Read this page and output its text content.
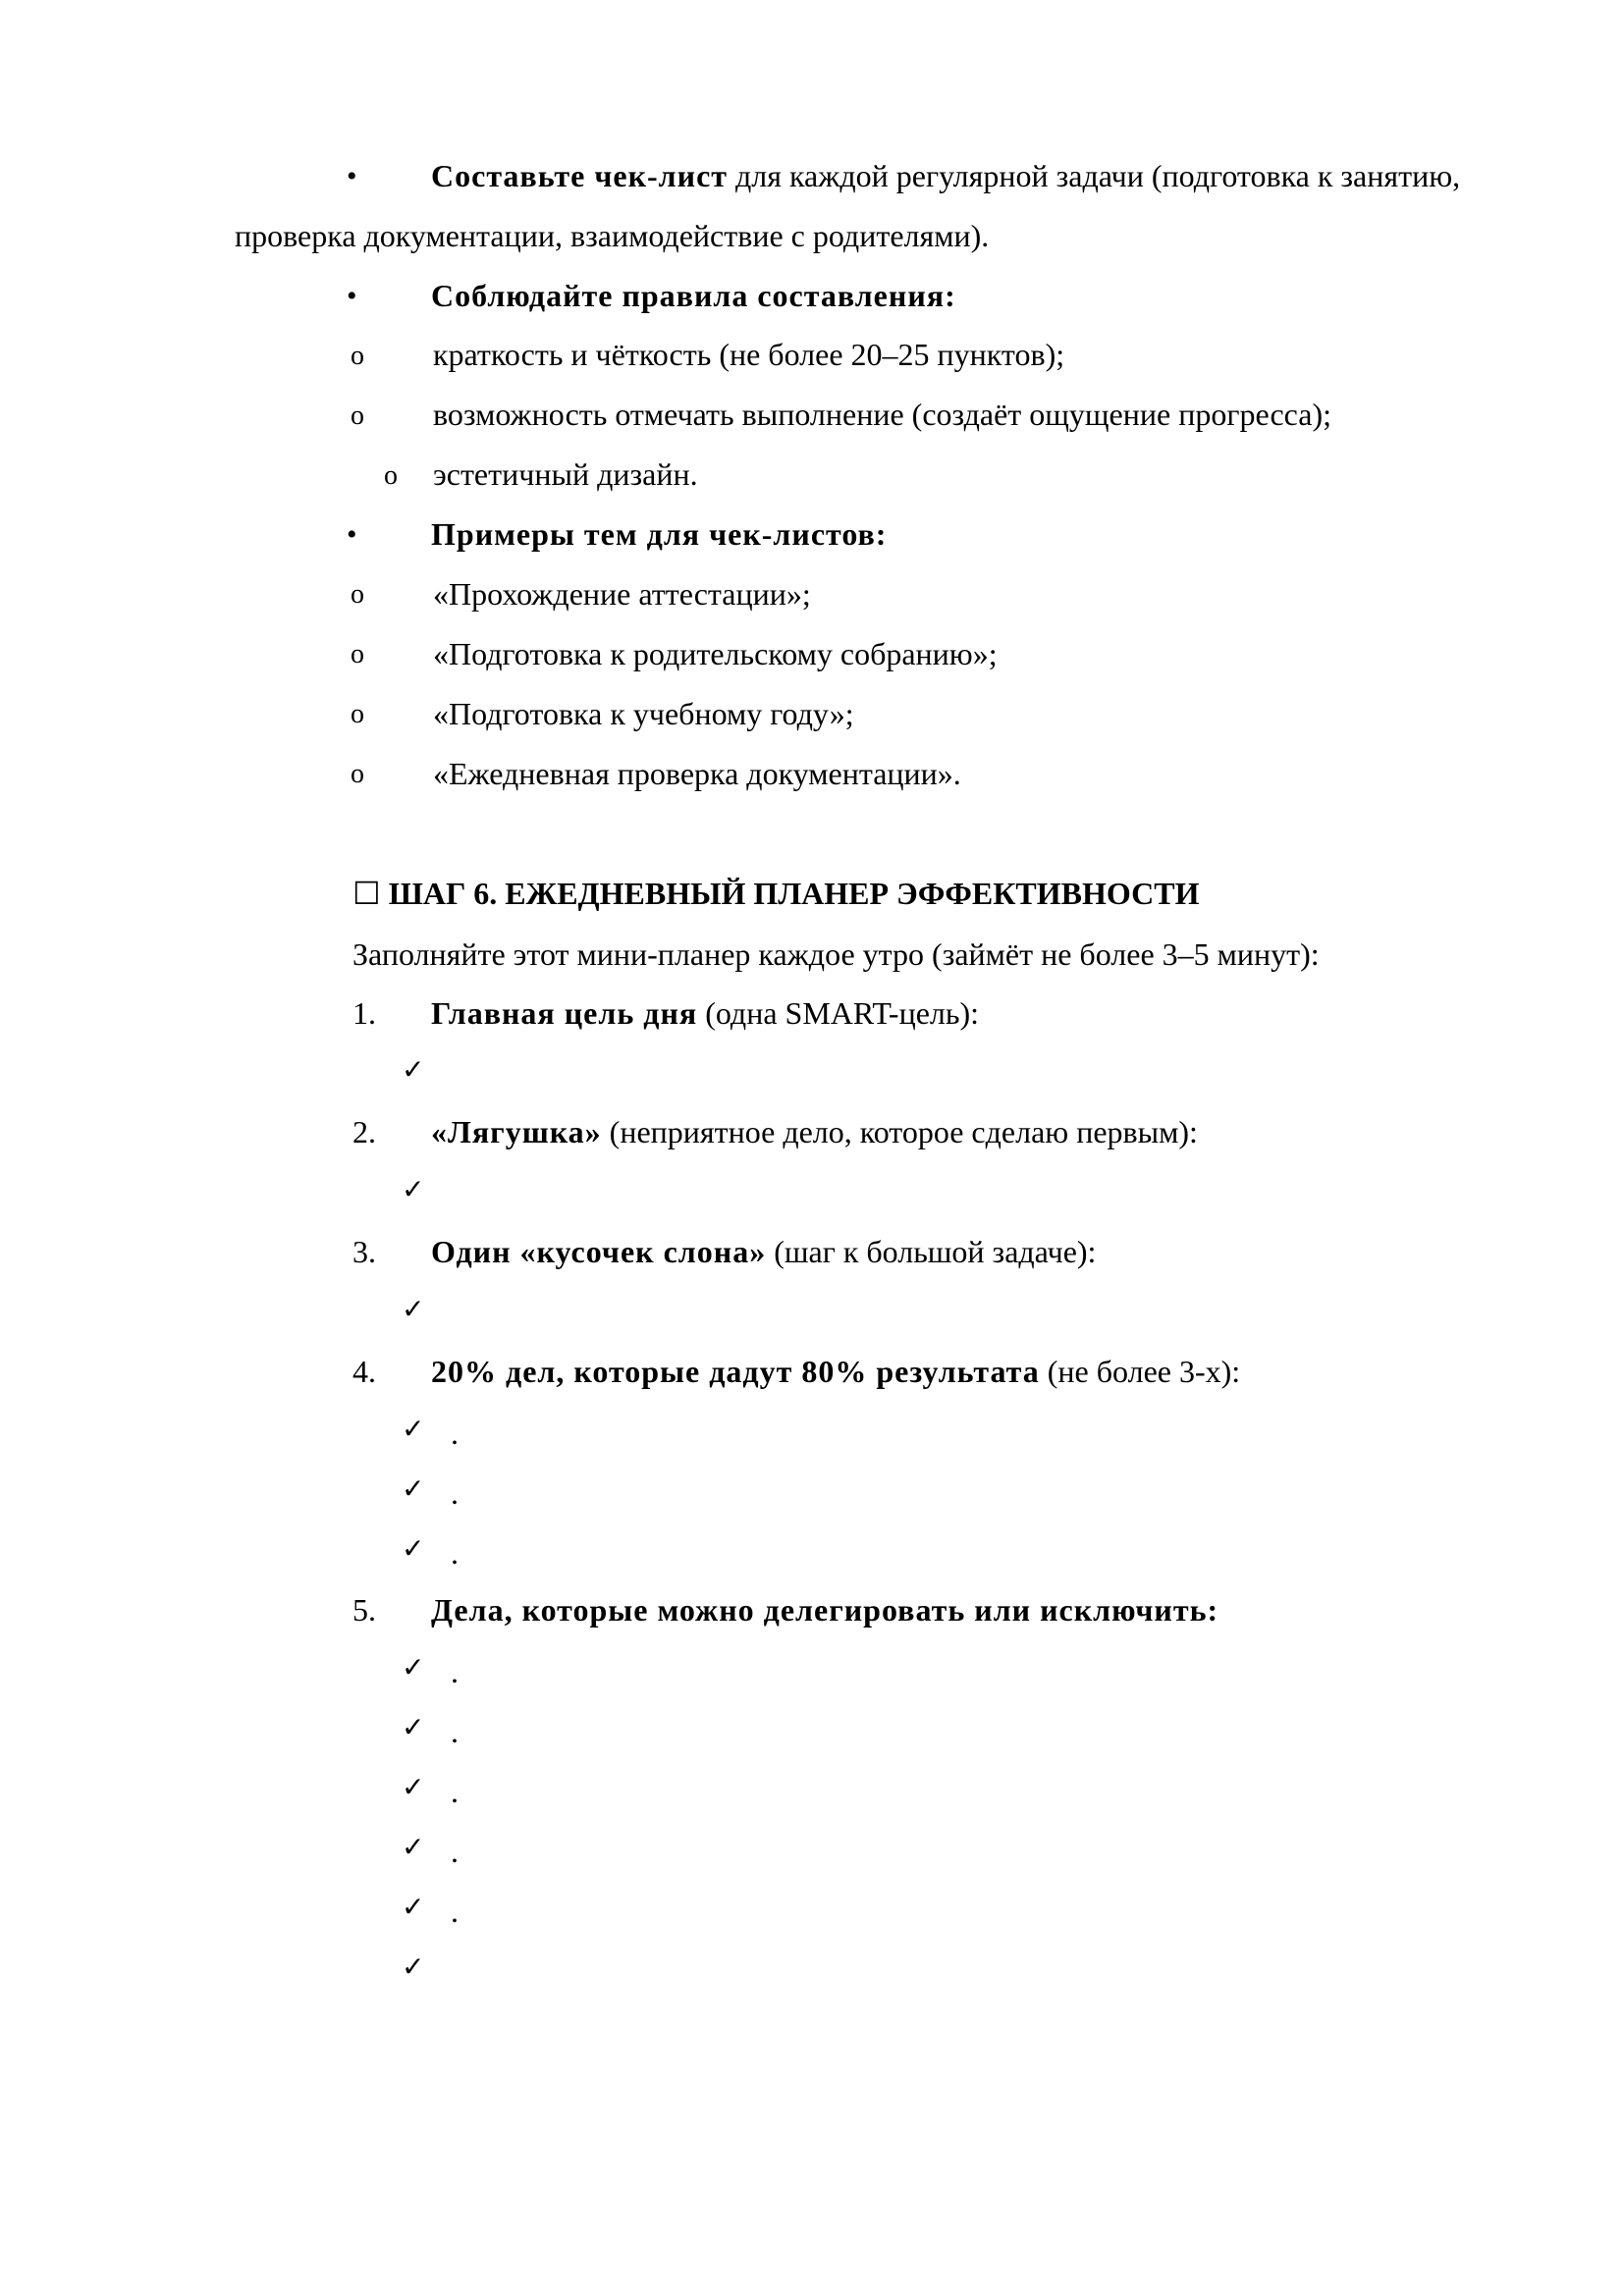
• Составьте чек-лист для каждой регулярной задачи (подготовка к занятию,
проверка документации, взаимодействие с родителями).
• Соблюдайте правила составления:
o краткость и чёткость (не более 20–25 пунктов);
o возможность отмечать выполнение (создаёт ощущение прогресса);
o эстетичный дизайн.
• Примеры тем для чек-листов:
o «Прохождение аттестации»;
o «Подготовка к родительскому собранию»;
o «Подготовка к учебному году»;
o «Ежедневная проверка документации».
☐ ШАГ 6. ЕЖЕДНЕВНЫЙ ПЛАНЕР ЭФФЕКТИВНОСТИ
Заполняйте этот мини-планер каждое утро (займёт не более 3–5 минут):
1. Главная цель дня (одна SMART-цель):
✓
2. «Лягушка» (неприятное дело, которое сделаю первым):
✓
3. Один «кусочек слона» (шаг к большой задаче):
✓
4. 20% дел, которые дадут 80% результата (не более 3-х):
✓ .
✓ .
✓ .
5. Дела, которые можно делегировать или исключить:
✓ .
✓ .
✓ .
✓ .
✓ .
✓
